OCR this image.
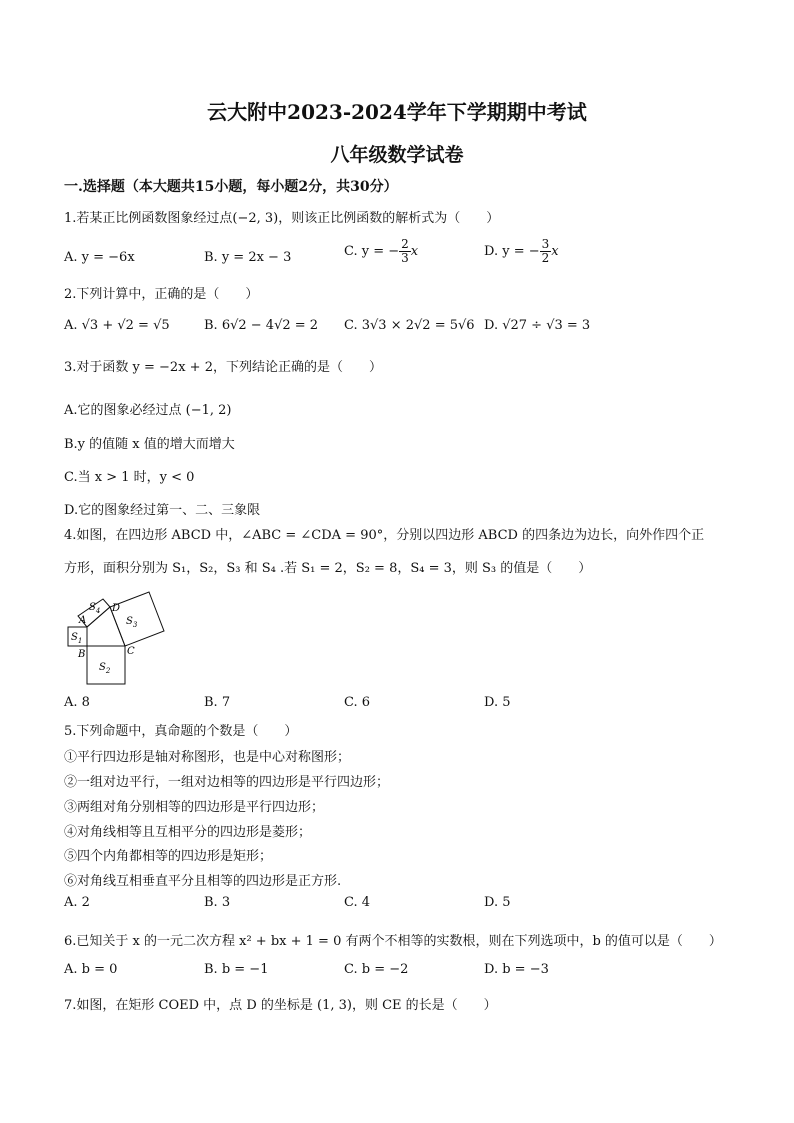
云大附中2023-2024学年下学期期中考试
八年级数学试卷
一.选择题（本大题共15小题，每小题2分，共30分）
1.若某正比例函数图象经过点(−2, 3)，则该正比例函数的解析式为（　　）
A. y = −6x	B. y = 2x − 3	C. y = − $\frac{2}{3}$ x	D. y = − $\frac{3}{2}$ x
2.下列计算中，正确的是（　　）
A. √3 + √2 = √5	B. 6√2 − 4√2 = 2 C. 3√3 × 2√2 = 5√6 D. √27 ÷ √3 = 3
3.对于函数 y = −2x + 2，下列结论正确的是（　　）
A.它的图象必经过点 (−1, 2)
B.y 的值随 x 值的增大而增大
C.当 x > 1 时，y < 0
D.它的图象经过第一、二、三象限
4.如图，在四边形 ABCD 中，∠ABC = ∠CDA = 90°，分别以四边形 ABCD 的四条边为边长，向外作四个正
方形，面积分别为 S₁，S₂，S₃ 和 S₄ .若 S₁ = 2，S₂ = 8，S₄ = 3，则 S₃ 的值是（　　）
A
B	C
D
$S_1$
$S_2$
$S_3$
$S_4$
A. 8	B. 7	C. 6	D. 5
5.下列命题中，真命题的个数是（　　）
①平行四边形是轴对称图形，也是中心对称图形；
②一组对边平行，一组对边相等的四边形是平行四边形；
③两组对角分别相等的四边形是平行四边形；
④对角线相等且互相平分的四边形是菱形；
⑤四个内角都相等的四边形是矩形；
⑥对角线互相垂直平分且相等的四边形是正方形.
A. 2	B. 3	C. 4	D. 5
6.已知关于 x 的一元二次方程 x² + bx + 1 = 0 有两个不相等的实数根，则在下列选项中，b 的值可以是（　　）
A. b = 0	B. b = −1	C. b = −2	D. b = −3
7.如图，在矩形 COED 中，点 D 的坐标是 (1, 3)，则 CE 的长是（　　）
